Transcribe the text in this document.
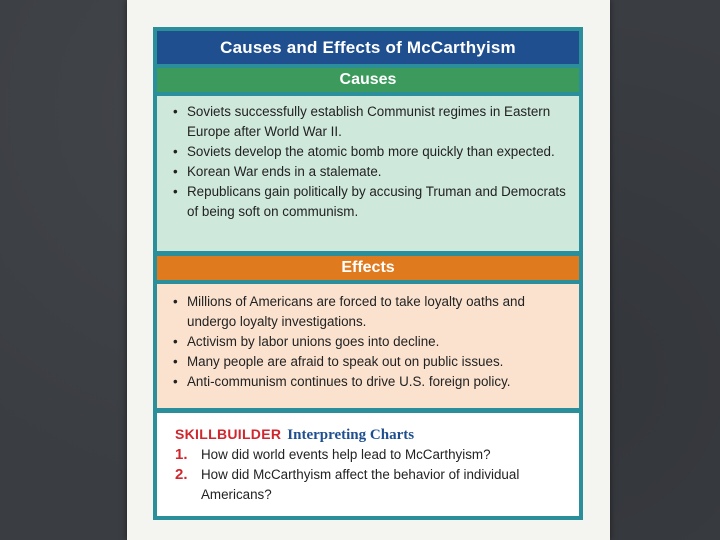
Causes and Effects of McCarthyism
Causes
• Soviets successfully establish Communist regimes in Eastern Europe after World War II.
• Soviets develop the atomic bomb more quickly than expected.
• Korean War ends in a stalemate.
• Republicans gain politically by accusing Truman and Democrats of being soft on communism.
Effects
• Millions of Americans are forced to take loyalty oaths and undergo loyalty investigations.
• Activism by labor unions goes into decline.
• Many people are afraid to speak out on public issues.
• Anti-communism continues to drive U.S. foreign policy.
SKILLBUILDER Interpreting Charts
1. How did world events help lead to McCarthyism?
2. How did McCarthyism affect the behavior of individual Americans?
